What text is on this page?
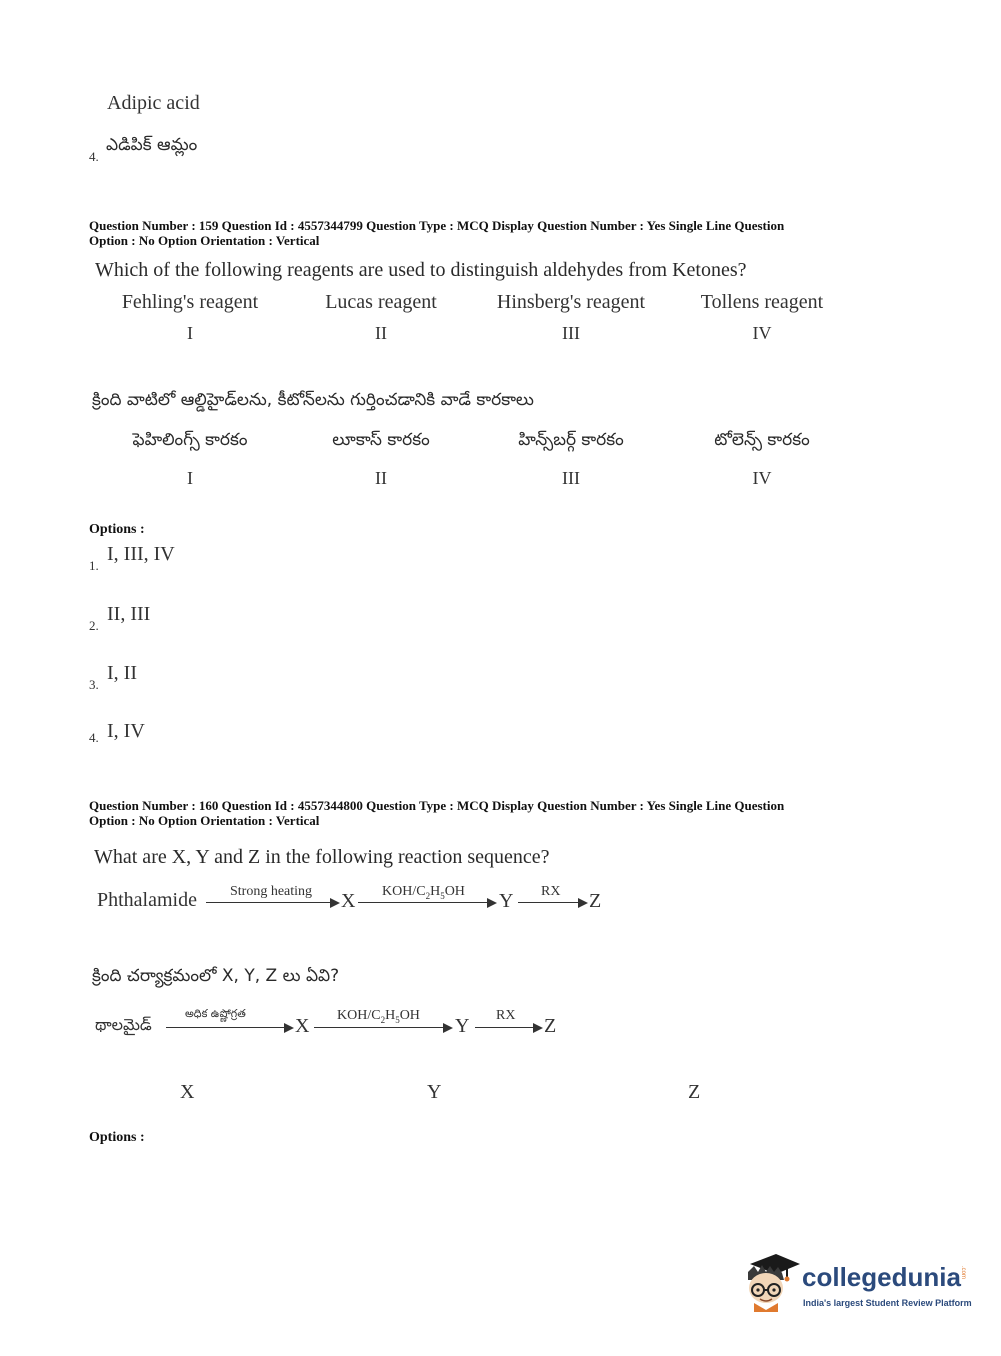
Adipic acid
4.
ఎడిపిక్ ఆమ్లం
Question Number : 159 Question Id : 4557344799 Question Type : MCQ Display Question Number : Yes Single Line Question
Option : No Option Orientation : Vertical
Which of the following reagents are used to distinguish aldehydes from Ketones?
Fehling's reagent	Lucas reagent	Hinsberg's reagent	Tollens reagent
I	II	III	IV
క్రింది వాటిలో ఆల్డిహైడ్‌లను, కీటోన్‌లను గుర్తించడానికి వాడే కారకాలు
ఫెహిలింగ్స్ కారకం	లూకాస్ కారకం	హిన్స్‌బర్గ్ కారకం	టోలెన్స్ కారకం
I	II	III	IV
Options :
1.
I, III, IV
2.
II, III
3.
I, II
4. I, IV
Question Number : 160 Question Id : 4557344800 Question Type : MCQ Display Question Number : Yes Single Line Question
Option : No Option Orientation : Vertical
What are X, Y and Z in the following reaction sequence?
Phthalamide Strong heating X KOH/$C_2H_5OH$ Y RX Z
క్రింది చర్యాక్రమంలో X, Y, Z లు ఏవి?
థాలమైడ్
అధిక ఉష్ణోగ్రత
X KOH/$C_2H_5OH$ Y RX Z
X	Y	Z
Options :
collegedunia .com
India's largest Student Review Platform
